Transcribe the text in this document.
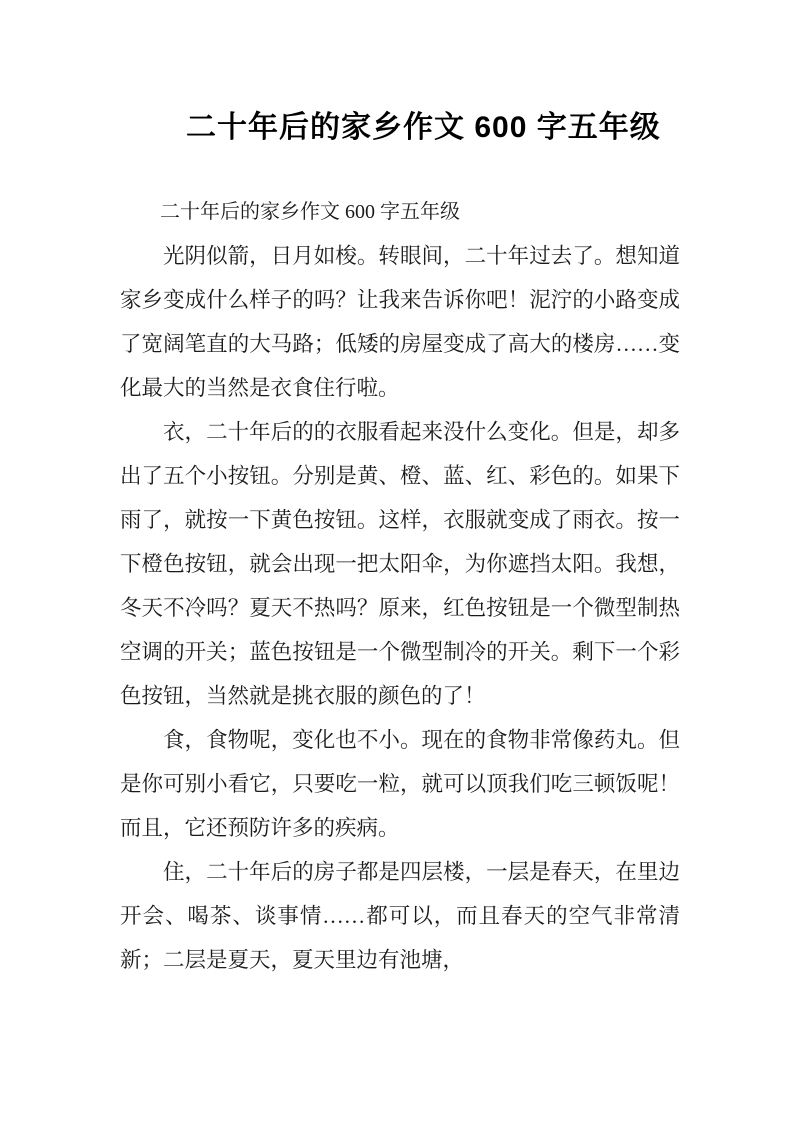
二十年后的家乡作文 600 字五年级

二十年后的家乡作文 600 字五年级

光阴似箭，日月如梭。转眼间，二十年过去了。想知道家乡变成什么样子的吗？让我来告诉你吧！泥泞的小路变成了宽阔笔直的大马路；低矮的房屋变成了高大的楼房……变化最大的当然是衣食住行啦。

衣，二十年后的的衣服看起来没什么变化。但是，却多出了五个小按钮。分别是黄、橙、蓝、红、彩色的。如果下雨了，就按一下黄色按钮。这样，衣服就变成了雨衣。按一下橙色按钮，就会出现一把太阳伞，为你遮挡太阳。我想，冬天不冷吗？夏天不热吗？原来，红色按钮是一个微型制热空调的开关；蓝色按钮是一个微型制冷的开关。剩下一个彩色按钮，当然就是挑衣服的颜色的了！

食，食物呢，变化也不小。现在的食物非常像药丸。但是你可别小看它，只要吃一粒，就可以顶我们吃三顿饭呢！而且，它还预防许多的疾病。

住，二十年后的房子都是四层楼，一层是春天，在里边开会、喝茶、谈事情……都可以，而且春天的空气非常清新；二层是夏天，夏天里边有池塘，
